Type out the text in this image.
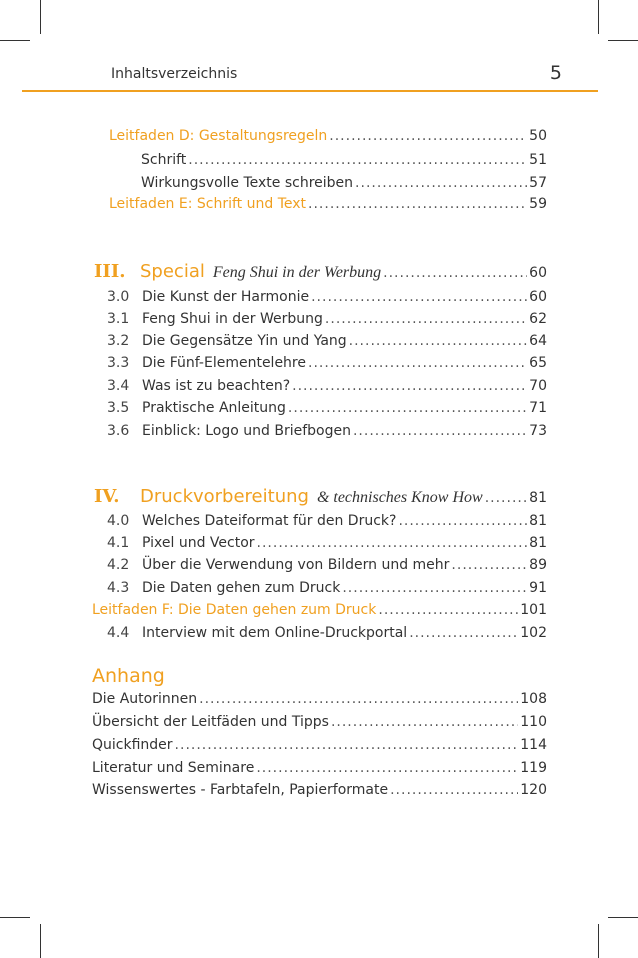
Inhaltsverzeichnis	5
Leitfaden D: Gestaltungsregeln .....	50
Schrift .....	51
Wirkungsvolle Texte schreiben .....	57
Leitfaden E: Schrift und Text .....	59
III. Special Feng Shui in der Werbung .....	60
3.0 Die Kunst der Harmonie .....	60
3.1 Feng Shui in der Werbung .....	62
3.2 Die Gegensätze Yin und Yang .....	64
3.3 Die Fünf-Elementelehre .....	65
3.4 Was ist zu beachten? .....	70
3.5 Praktische Anleitung .....	71
3.6 Einblick: Logo und Briefbogen .....	73
IV.	Druckvorbereitung & technisches Know How .....	81
4.0 Welches Dateiformat für den Druck? .....	81
4.1 Pixel und Vector .....	81
4.2 Über die Verwendung von Bildern und mehr .....	89
4.3 Die Daten gehen zum Druck .....	91
Leitfaden F: Die Daten gehen zum Druck .....	101
4.4 Interview mit dem Online-Druckportal .....	102
Anhang
Die Autorinnen .....	108
Übersicht der Leitfäden und Tipps .....	110
Quickfinder .....	114
Literatur und Seminare .....	119
Wissenswertes - Farbtafeln, Papierformate .....	120
